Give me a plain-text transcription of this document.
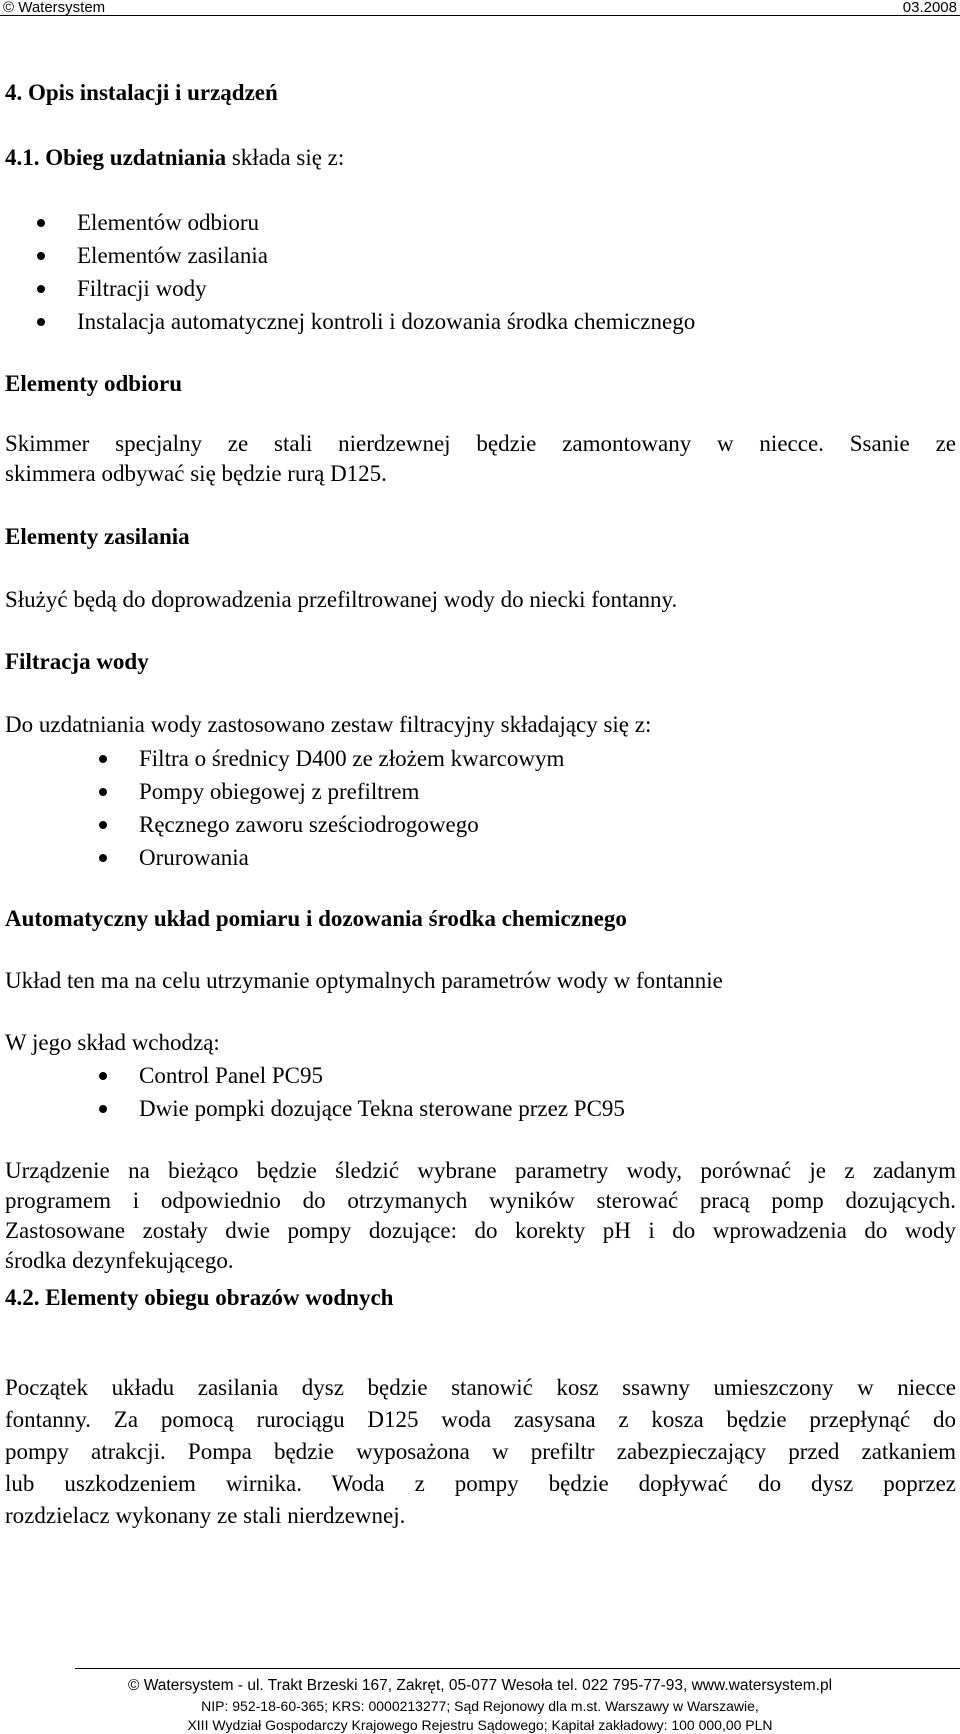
© Watersystem	03.2008
4. Opis instalacji i urządzeń
4.1. Obieg uzdatniania składa się z:
Elementów odbioru
Elementów zasilania
Filtracji wody
Instalacja automatycznej kontroli i dozowania środka chemicznego
Elementy odbioru
Skimmer specjalny ze stali nierdzewnej będzie zamontowany w niecce. Ssanie ze
skimmera odbywać się będzie rurą D125.
Elementy zasilania
Służyć będą do doprowadzenia przefiltrowanej wody do niecki fontanny.
Filtracja wody
Do uzdatniania wody zastosowano zestaw filtracyjny składający się z:
Filtra o średnicy D400 ze złożem kwarcowym
Pompy obiegowej z prefiltrem
Ręcznego zaworu sześciodrogowego
Orurowania
Automatyczny układ pomiaru i dozowania środka chemicznego
Układ ten ma na celu utrzymanie optymalnych parametrów wody w fontannie
W jego skład wchodzą:
Control Panel PC95
Dwie pompki dozujące Tekna sterowane przez PC95
Urządzenie na bieżąco będzie śledzić wybrane parametry wody, porównać je z zadanym
programem i odpowiednio do otrzymanych wyników sterować pracą pomp dozujących.
Zastosowane zostały dwie pompy dozujące: do korekty pH i do wprowadzenia do wody
środka dezynfekującego.
4.2. Elementy obiegu obrazów wodnych
Początek układu zasilania dysz będzie stanowić kosz ssawny umieszczony w niecce
fontanny. Za pomocą rurociągu D125 woda zasysana z kosza będzie przepłynąć do
pompy atrakcji. Pompa będzie wyposażona w prefiltr zabezpieczający przed zatkaniem
lub uszkodzeniem wirnika. Woda z pompy będzie dopływać do dysz poprzez
rozdzielacz wykonany ze stali nierdzewnej.
© Watersystem - ul. Trakt Brzeski 167, Zakręt, 05-077 Wesoła tel. 022 795-77-93, www.watersystem.pl
NIP: 952-18-60-365; KRS: 0000213277; Sąd Rejonowy dla m.st. Warszawy w Warszawie,
XIII Wydział Gospodarczy Krajowego Rejestru Sądowego; Kapitał zakładowy: 100 000,00 PLN
